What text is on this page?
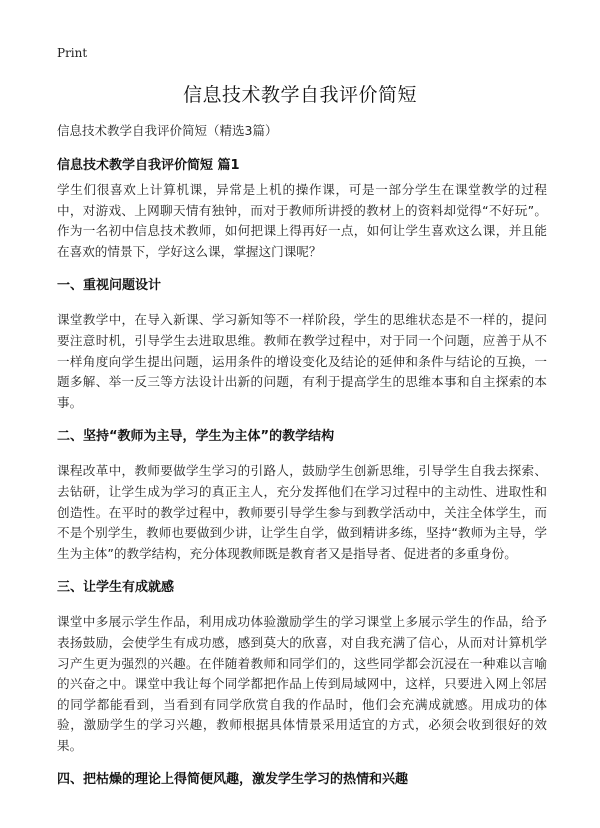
Print
信息技术教学自我评价简短
信息技术教学自我评价简短（精选3篇）
信息技术教学自我评价简短 篇1

学生们很喜欢上计算机课，异常是上机的操作课，可是一部分学生在课堂教学的过程中，对游戏、上网聊天情有独钟，而对于教师所讲授的教材上的资料却觉得“不好玩”。作为一名初中信息技术教师，如何把课上得再好一点，如何让学生喜欢这么课，并且能在喜欢的情景下，学好这么课，掌握这门课呢？

一、重视问题设计

课堂教学中，在导入新课、学习新知等不一样阶段，学生的思维状态是不一样的，提问要注意时机，引导学生去进取思维。教师在教学过程中，对于同一个问题，应善于从不一样角度向学生提出问题，运用条件的增设变化及结论的延伸和条件与结论的互换，一题多解、举一反三等方法设计出新的问题，有利于提高学生的思维本事和自主探索的本事。

二、坚持“教师为主导，学生为主体”的教学结构

课程改革中，教师要做学生学习的引路人，鼓励学生创新思维，引导学生自我去探索、去钻研，让学生成为学习的真正主人，充分发挥他们在学习过程中的主动性、进取性和创造性。在平时的教学过程中，教师要引导学生参与到教学活动中，关注全体学生，而不是个别学生，教师也要做到少讲，让学生自学，做到精讲多练，坚持“教师为主导，学生为主体”的教学结构，充分体现教师既是教育者又是指导者、促进者的多重身份。

三、让学生有成就感

课堂中多展示学生作品，利用成功体验激励学生的学习课堂上多展示学生的作品，给予表扬鼓励，会使学生有成功感，感到莫大的欣喜，对自我充满了信心，从而对计算机学习产生更为强烈的兴趣。在伴随着教师和同学们的，这些同学都会沉浸在一种难以言喻的兴奋之中。课堂中我让每个同学都把作品上传到局域网中，这样，只要进入网上邻居的同学都能看到，当看到有同学欣赏自我的作品时，他们会充满成就感。用成功的体验，激励学生的学习兴趣，教师根据具体情景采用适宜的方式，必须会收到很好的效果。

四、把枯燥的理论上得简便风趣，激发学生学习的热情和兴趣
